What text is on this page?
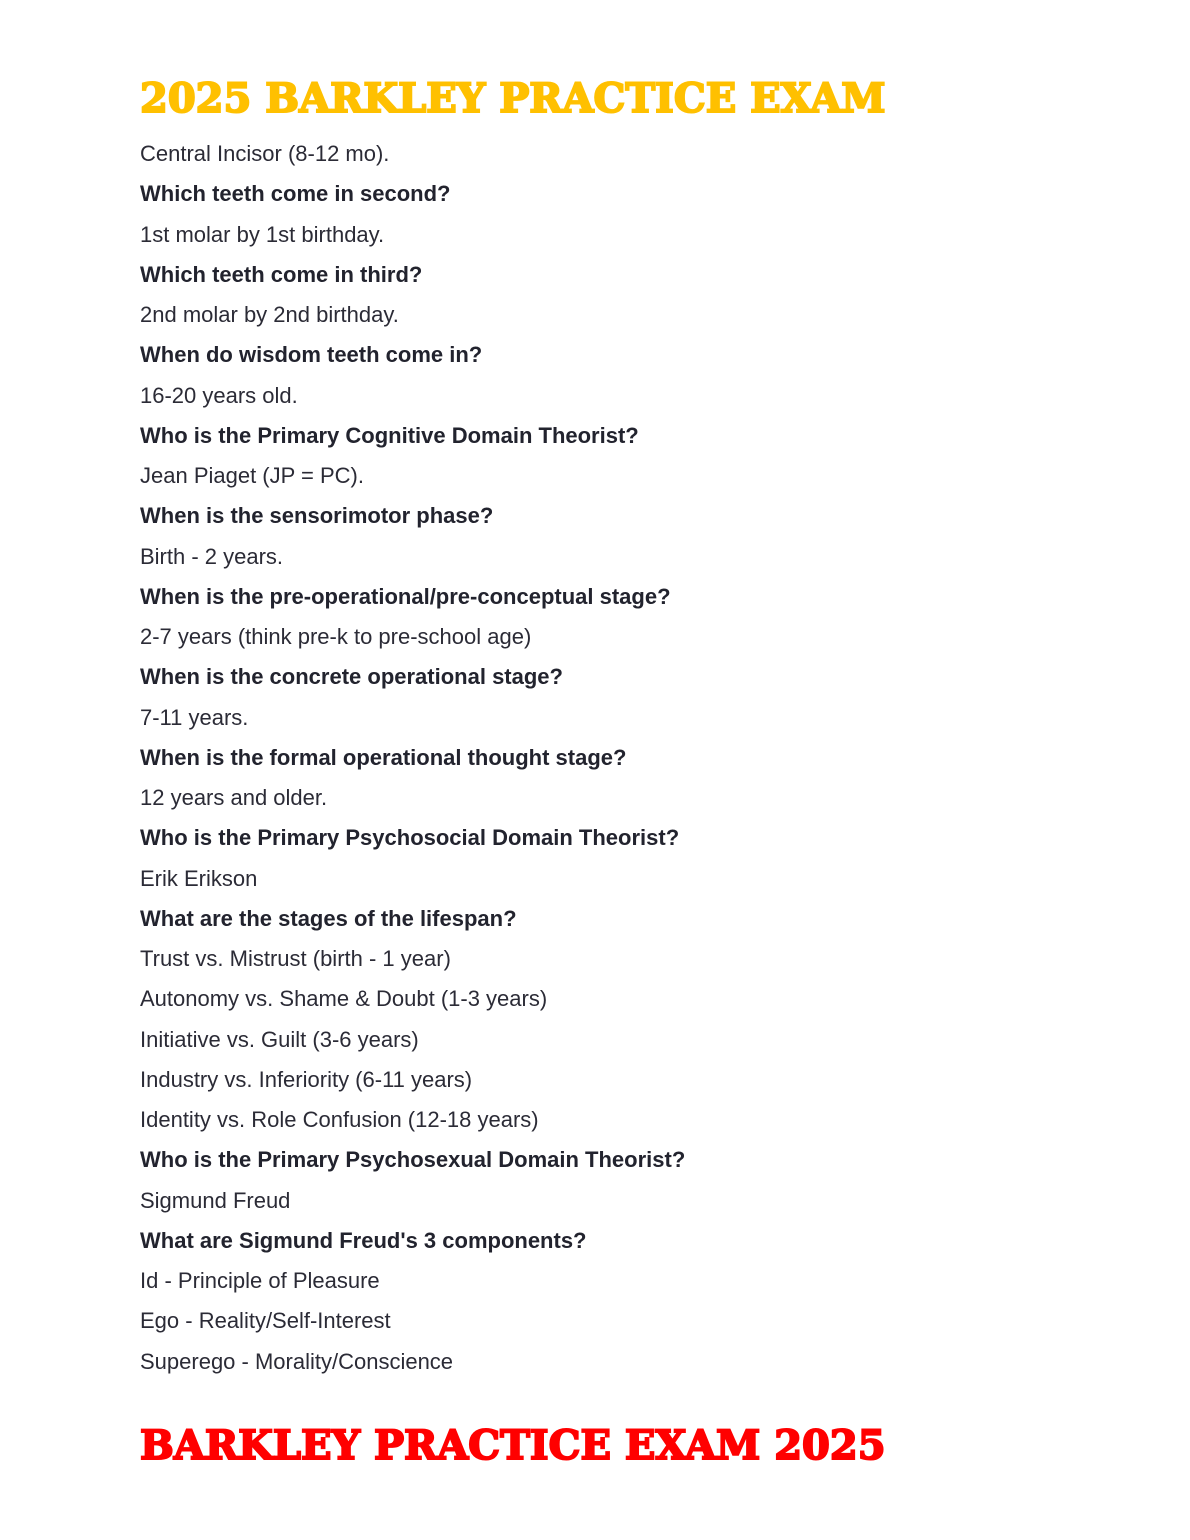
2025 BARKLEY PRACTICE EXAM
Central Incisor (8-12 mo).
Which teeth come in second?
1st molar by 1st birthday.
Which teeth come in third?
2nd molar by 2nd birthday.
When do wisdom teeth come in?
16-20 years old.
Who is the Primary Cognitive Domain Theorist?
Jean Piaget (JP = PC).
When is the sensorimotor phase?
Birth - 2 years.
When is the pre-operational/pre-conceptual stage?
2-7 years (think pre-k to pre-school age)
When is the concrete operational stage?
7-11 years.
When is the formal operational thought stage?
12 years and older.
Who is the Primary Psychosocial Domain Theorist?
Erik Erikson
What are the stages of the lifespan?
Trust vs. Mistrust (birth - 1 year)
Autonomy vs. Shame & Doubt (1-3 years)
Initiative vs. Guilt (3-6 years)
Industry vs. Inferiority (6-11 years)
Identity vs. Role Confusion (12-18 years)
Who is the Primary Psychosexual Domain Theorist?
Sigmund Freud
What are Sigmund Freud's 3 components?
Id - Principle of Pleasure
Ego - Reality/Self-Interest
Superego - Morality/Conscience
BARKLEY PRACTICE EXAM 2025
